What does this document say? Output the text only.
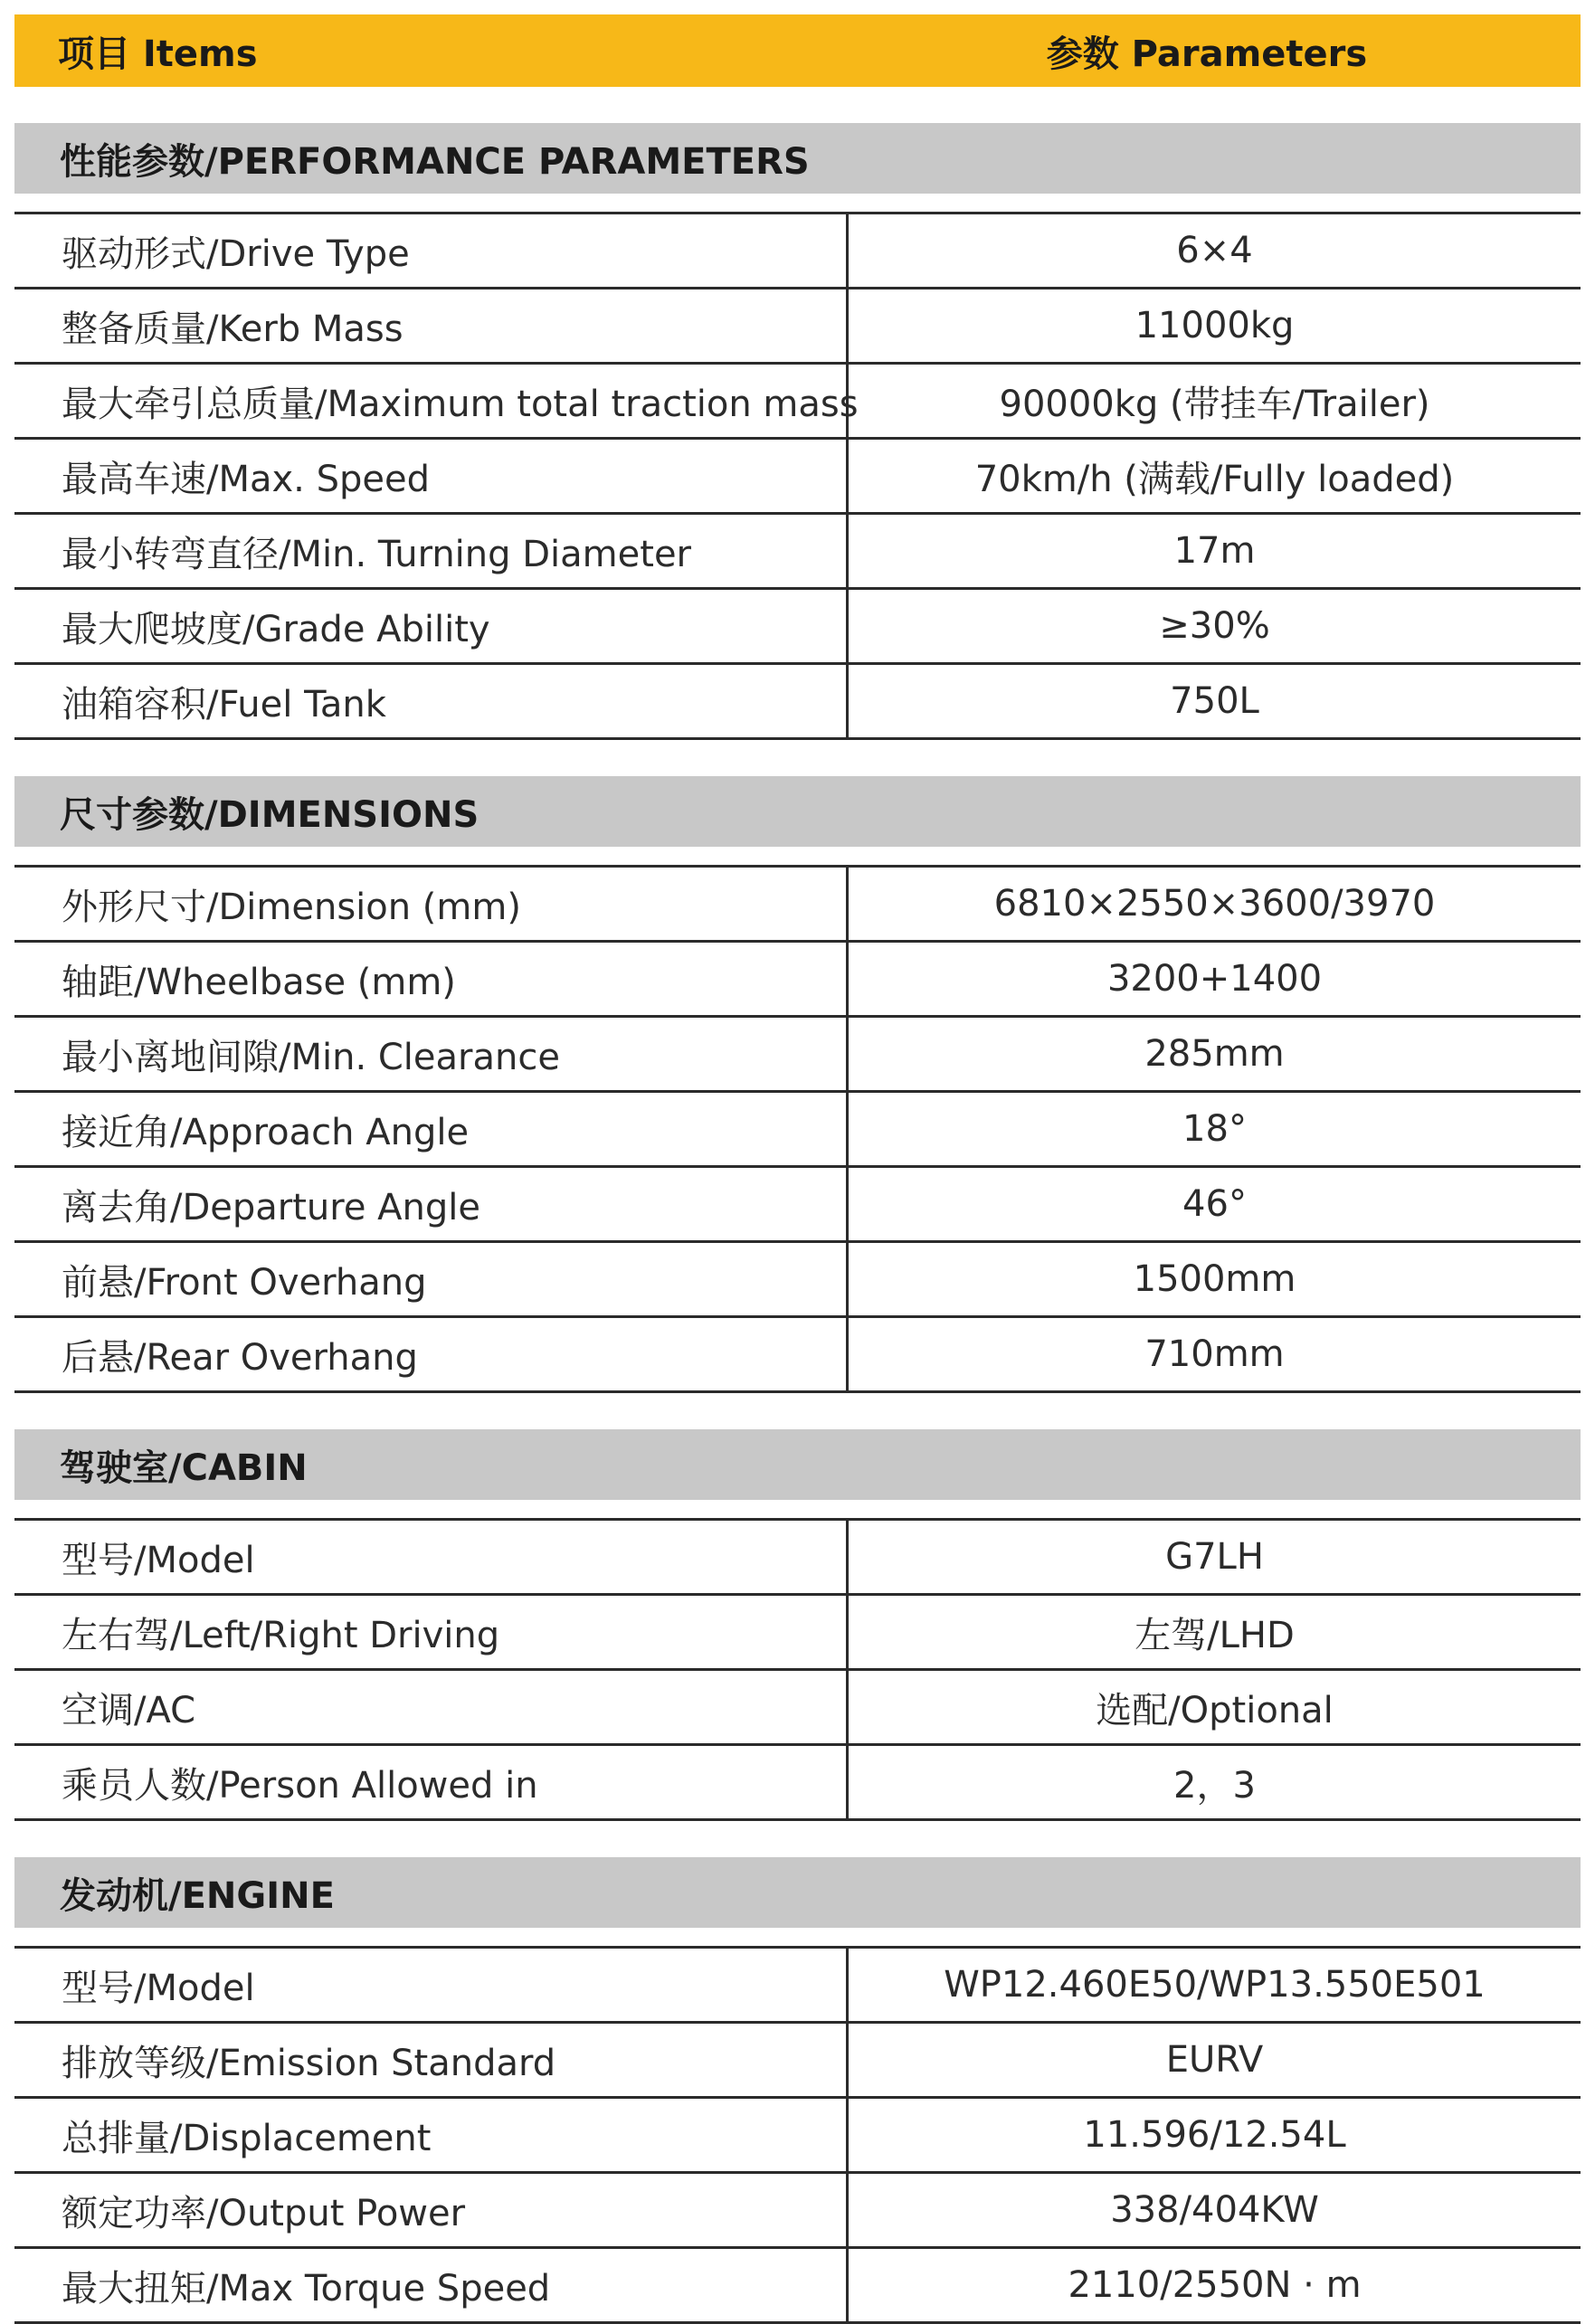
项目 Items	参数 Parameters
性能参数/PERFORMANCE PARAMETERS
驱动形式/Drive Type	6×4
整备质量/Kerb Mass	11000kg
最大牵引总质量/Maximum total traction mass	90000kg (带挂车/Trailer)
最高车速/Max. Speed	70km/h (满载/Fully loaded)
最小转弯直径/Min. Turning Diameter	17m
最大爬坡度/Grade Ability	≥30%
油箱容积/Fuel Tank	750L
尺寸参数/DIMENSIONS
外形尺寸/Dimension (mm)	6810×2550×3600/3970
轴距/Wheelbase (mm)	3200+1400
最小离地间隙/Min. Clearance	285mm
接近角/Approach Angle	18°
离去角/Departure Angle	46°
前悬/Front Overhang	1500mm
后悬/Rear Overhang	710mm
驾驶室/CABIN
型号/Model	G7LH
左右驾/Left/Right Driving	左驾/LHD
空调/AC	选配/Optional
乘员人数/Person Allowed in	2，3
发动机/ENGINE
型号/Model	WP12.460E50/WP13.550E501
排放等级/Emission Standard	EURV
总排量/Displacement	11.596/12.54L
额定功率/Output Power	338/404KW
最大扭矩/Max Torque Speed	2110/2550N · m
